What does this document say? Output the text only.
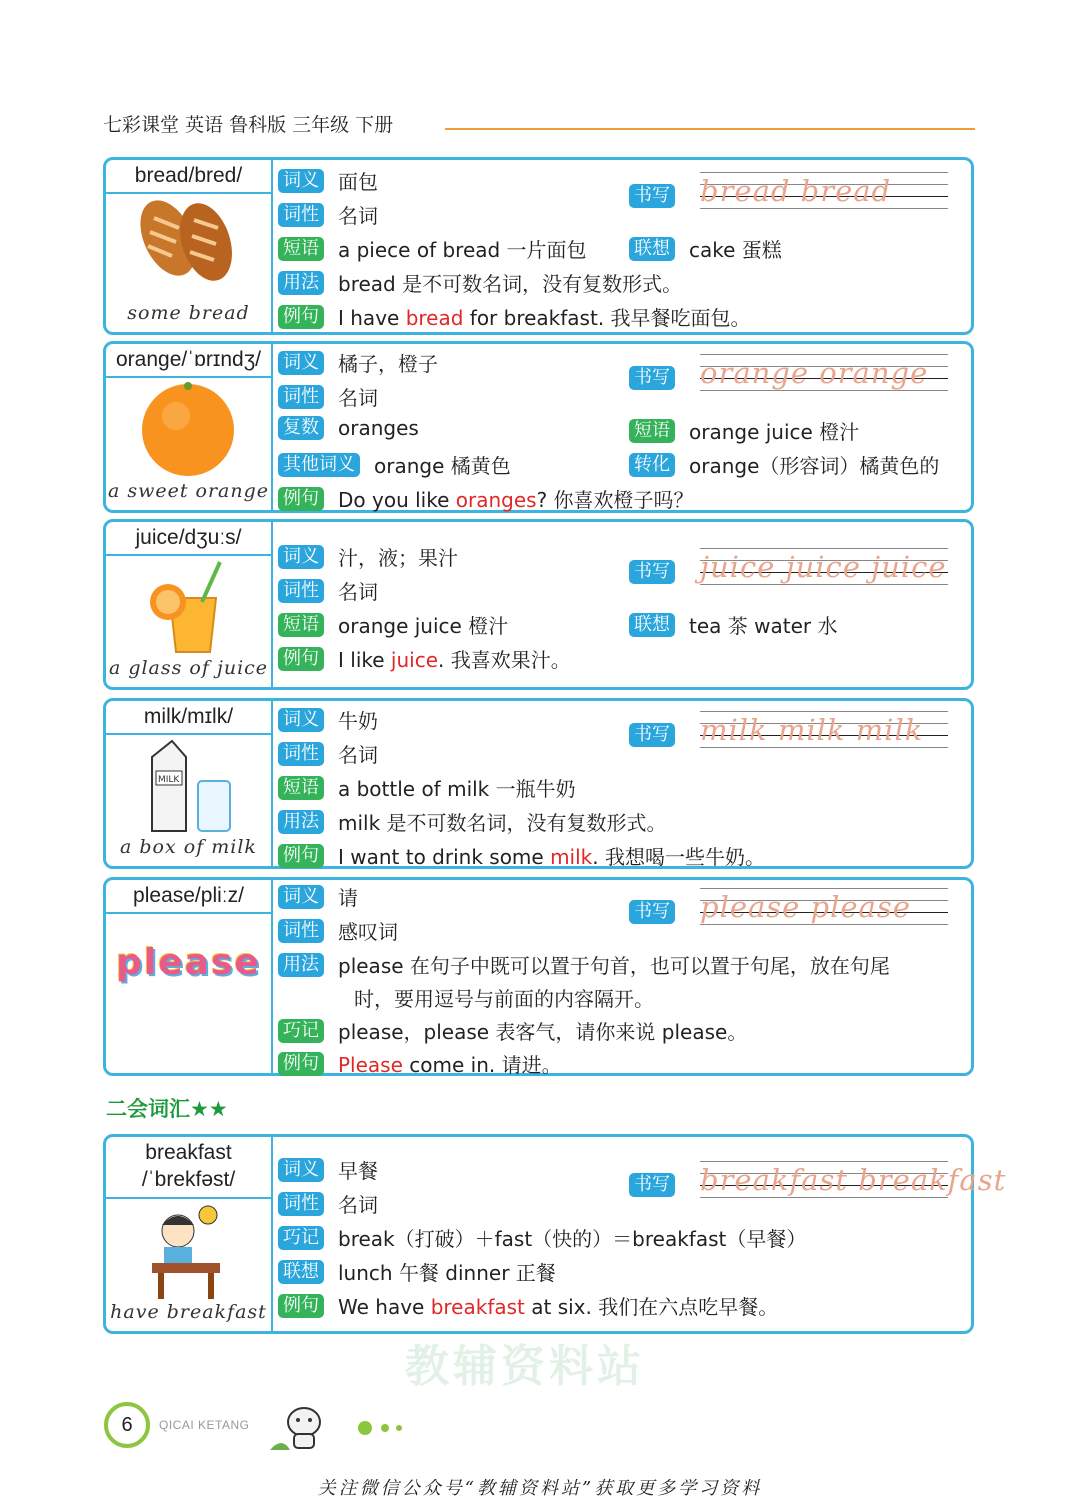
七彩课堂 英语 鲁科版 三年级 下册
教辅资料站
bread/bred/
some bread
词义 面包
词性 名词
短语 a piece of bread 一片面包	联想 cake 蛋糕
用法 bread 是不可数名词，没有复数形式。
例句 I have bread for breakfast. 我早餐吃面包。
书写 bread bread
orange/ˈɒrɪndʒ/
a sweet orange
词义 橘子，橙子
词性 名词
复数 oranges	短语 orange juice 橙汁
其他词义 orange 橘黄色	转化 orange（形容词）橘黄色的
例句 Do you like oranges? 你喜欢橙子吗？
书写 orange orange
juice/dʒuːs/
a glass of juice
词义 汁，液；果汁
词性 名词
短语 orange juice 橙汁	联想 tea 茶 water 水
例句 I like juice. 我喜欢果汁。
书写 juice juice juice
milk/mɪlk/
MILK
a box of milk
词义 牛奶
词性 名词
短语 a bottle of milk 一瓶牛奶
用法 milk 是不可数名词，没有复数形式。
例句 I want to drink some milk. 我想喝一些牛奶。
书写 milk milk milk
please/pliːz/
please
词义 请
词性 感叹词
用法 please 在句子中既可以置于句首，也可以置于句尾，放在句尾
时，要用逗号与前面的内容隔开。
巧记 please，please 表客气，请你来说 please。
例句 Please come in. 请进。
书写 please please
二会词汇★★
breakfast
/ˈbrekfəst/
have breakfast
词义 早餐
词性 名词
巧记 break（打破）＋fast（快的）＝breakfast（早餐）
联想 lunch 午餐 dinner 正餐
例句 We have breakfast at six. 我们在六点吃早餐。
书写 breakfast breakfast
6	QICAI KETANG
关注微信公众号“教辅资料站”获取更多学习资料
